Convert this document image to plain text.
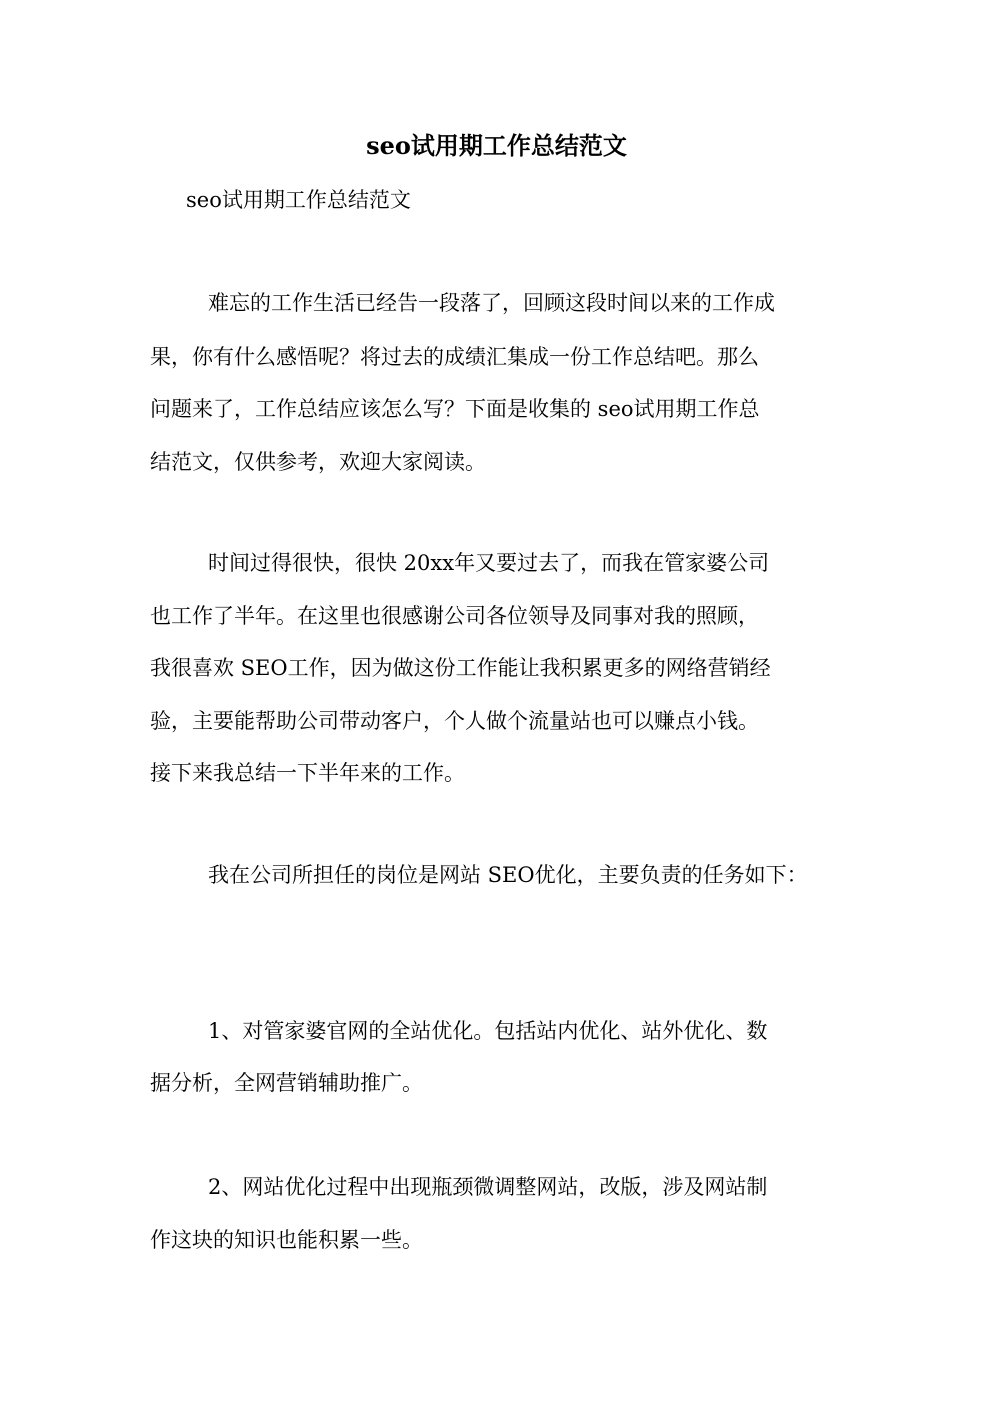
seo试用期工作总结范文
seo试用期工作总结范文
难忘的工作生活已经告一段落了，回顾这段时间以来的工作成
果，你有什么感悟呢？将过去的成绩汇集成一份工作总结吧。那么
问题来了，工作总结应该怎么写？下面是收集的 seo试用期工作总
结范文，仅供参考，欢迎大家阅读。
时间过得很快，很快 20xx年又要过去了，而我在管家婆公司
也工作了半年。在这里也很感谢公司各位领导及同事对我的照顾，
我很喜欢 SEO工作，因为做这份工作能让我积累更多的网络营销经
验，主要能帮助公司带动客户，个人做个流量站也可以赚点小钱。
接下来我总结一下半年来的工作。
我在公司所担任的岗位是网站 SEO优化，主要负责的任务如下：
1、对管家婆官网的全站优化。包括站内优化、站外优化、数
据分析，全网营销辅助推广。
2、网站优化过程中出现瓶颈微调整网站，改版，涉及网站制
作这块的知识也能积累一些。
